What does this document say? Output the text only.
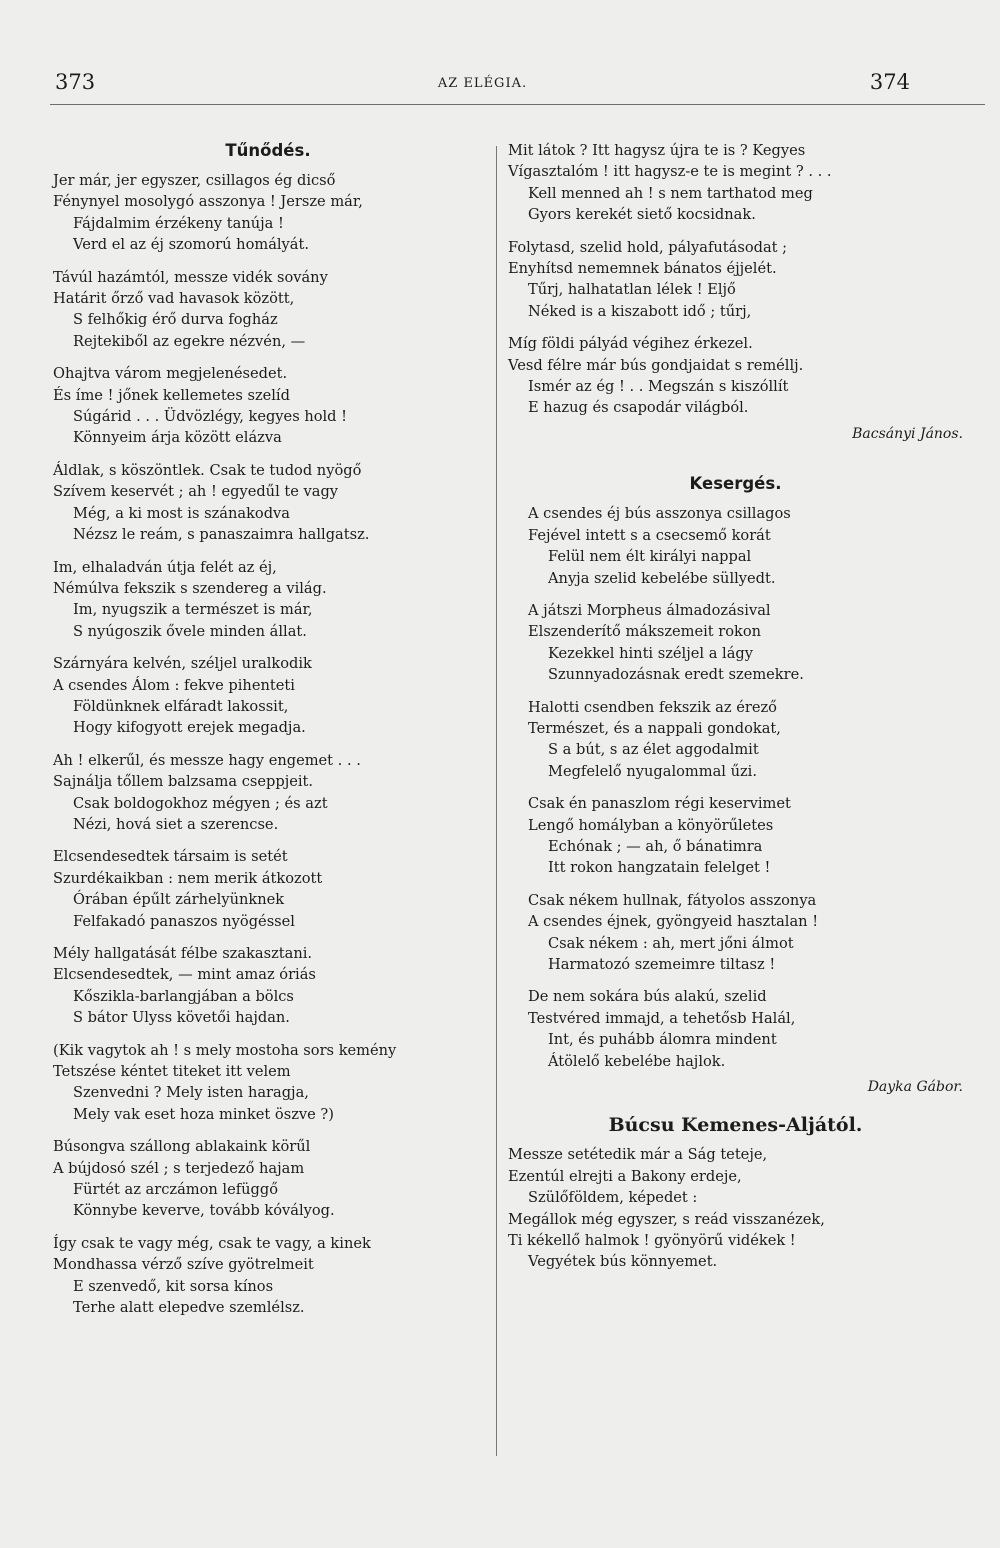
373	AZ ELÉGIA.	374
Tűnődés.
Jer már, jer egyszer, csillagos ég dicső
Fénynyel mosolygó asszonya ! Jersze már,
Fájdalmim érzékeny tanúja !
Verd el az éj szomorú homályát.
Távúl hazámtól, messze vidék sovány
Határit őrző vad havasok között,
S felhőkig érő durva fogház
Rejtekiből az egekre nézvén, —
Ohajtva várom megjelenésedet.
És íme ! jőnek kellemetes szelíd
Súgárid . . . Üdvözlégy, kegyes hold !
Könnyeim árja között elázva
Áldlak, s köszöntlek. Csak te tudod nyögő
Szívem keservét ; ah ! egyedűl te vagy
Még, a ki most is szánakodva
Nézsz le reám, s panaszaimra hallgatsz.
Im, elhaladván útja felét az éj,
Némúlva fekszik s szendereg a világ.
Im, nyugszik a természet is már,
S nyúgoszik ővele minden állat.
Szárnyára kelvén, széljel uralkodik
A csendes Álom : fekve pihenteti
Földünknek elfáradt lakossit,
Hogy kifogyott erejek megadja.
Ah ! elkerűl, és messze hagy engemet . . .
Sajnálja tőllem balzsama cseppjeit.
Csak boldogokhoz mégyen ; és azt
Nézi, hová siet a szerencse.
Elcsendesedtek társaim is setét
Szurdékaikban : nem merik átkozott
Órában épűlt zárhelyünknek
Felfakadó panaszos nyögéssel
Mély hallgatását félbe szakasztani.
Elcsendesedtek, — mint amaz óriás
Kőszikla-barlangjában a bölcs
S bátor Ulyss követői hajdan.
(Kik vagytok ah ! s mely mostoha sors kemény
Tetszése kéntet titeket itt velem
Szenvedni ? Mely isten haragja,
Mely vak eset hoza minket öszve ?)
Búsongva szállong ablakaink körűl
A bújdosó szél ; s terjedező hajam
Fürtét az arczámon lefüggő
Könnybe keverve, tovább kóvályog.
Így csak te vagy még, csak te vagy, a kinek
Mondhassa vérző szíve gyötrelmeit
E szenvedő, kit sorsa kínos
Terhe alatt elepedve szemlélsz.
Mit látok ? Itt hagysz újra te is ? Kegyes
Vígasztalóm ! itt hagysz-e te is megint ? . . .
Kell menned ah ! s nem tarthatod meg
Gyors kerekét siető kocsidnak.
Folytasd, szelid hold, pályafutásodat ;
Enyhítsd nememnek bánatos éjjelét.
Tűrj, halhatatlan lélek ! Eljő
Néked is a kiszabott idő ; tűrj,
Míg földi pályád végihez érkezel.
Vesd félre már bús gondjaidat s reméllj.
Ismér az ég ! . . Megszán s kiszóllít
E hazug és csapodár világból.
Bacsányi János.
Kesergés.
A csendes éj bús asszonya csillagos
Fejével intett s a csecsemő korát
Felül nem élt királyi nappal
Anyja szelid kebelébe süllyedt.
A játszi Morpheus álmadozásival
Elszenderítő mákszemeit rokon
Kezekkel hinti széljel a lágy
Szunnyadozásnak eredt szemekre.
Halotti csendben fekszik az érező
Természet, és a nappali gondokat,
S a bút, s az élet aggodalmit
Megfelelő nyugalommal űzi.
Csak én panaszlom régi keservimet
Lengő homályban a könyörűletes
Echónak ; — ah, ő bánatimra
Itt rokon hangzatain felelget !
Csak nékem hullnak, fátyolos asszonya
A csendes éjnek, gyöngyeid hasztalan !
Csak nékem : ah, mert jőni álmot
Harmatozó szemeimre tiltasz !
De nem sokára bús alakú, szelid
Testvéred immajd, a tehetősb Halál,
Int, és puhább álomra mindent
Átölelő kebelébe hajlok.
Dayka Gábor.
Búcsu Kemenes-Aljától.
Messze setétedik már a Ság teteje,
Ezentúl elrejti a Bakony erdeje,
Szülőföldem, képedet :
Megállok még egyszer, s reád visszanézek,
Ti kékellő halmok ! gyönyörű vidékek !
Vegyétek bús könnyemet.
